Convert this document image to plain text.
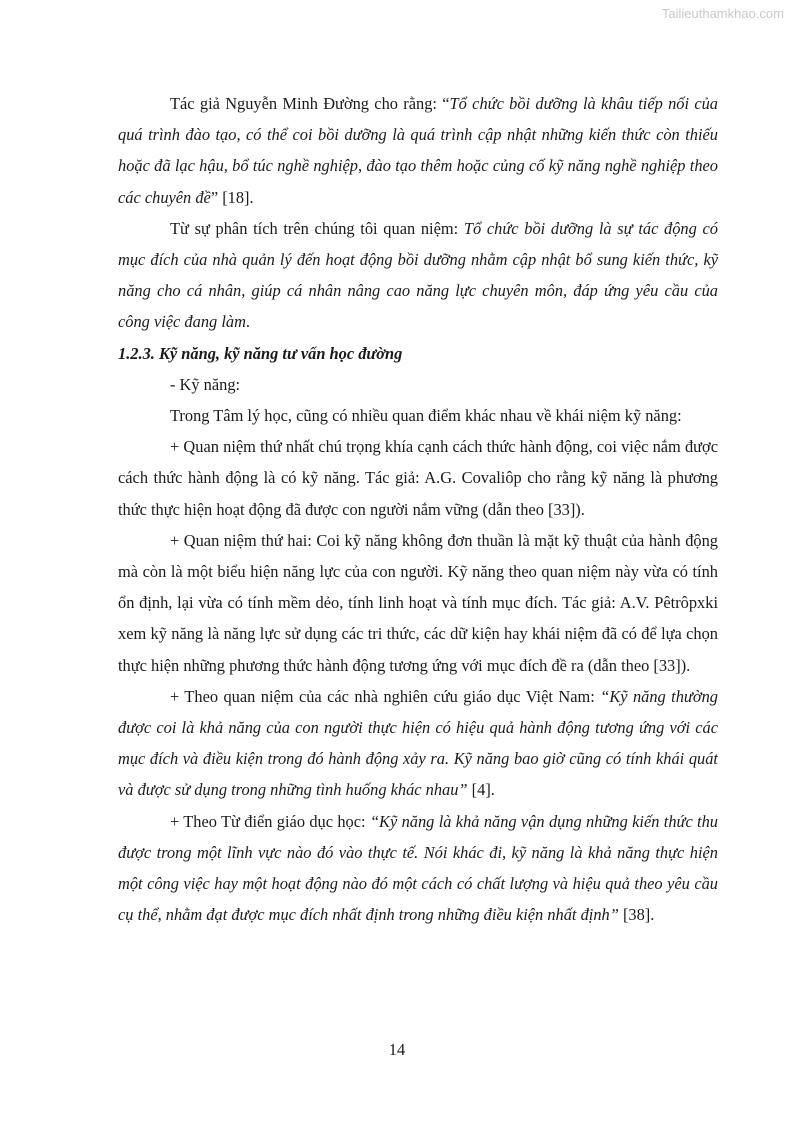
Tailieuthamkhao.com

Tác giả Nguyễn Minh Đường cho rằng: “Tổ chức bồi dưỡng là khâu tiếp nối của quá trình đào tạo, có thể coi bồi dưỡng là quá trình cập nhật những kiến thức còn thiếu hoặc đã lạc hậu, bổ túc nghề nghiệp, đào tạo thêm hoặc củng cố kỹ năng nghề nghiệp theo các chuyên đề” [18].

Từ sự phân tích trên chúng tôi quan niệm: Tổ chức bồi dưỡng là sự tác động có mục đích của nhà quản lý đến hoạt động bồi dưỡng nhằm cập nhật bổ sung kiến thức, kỹ năng cho cá nhân, giúp cá nhân nâng cao năng lực chuyên môn, đáp ứng yêu cầu của công việc đang làm.

1.2.3. Kỹ năng, kỹ năng tư vấn học đường

- Kỹ năng:

Trong Tâm lý học, cũng có nhiều quan điểm khác nhau về khái niệm kỹ năng:

+ Quan niệm thứ nhất chú trọng khía cạnh cách thức hành động, coi việc nắm được cách thức hành động là có kỹ năng. Tác giả: A.G. Covaliôp cho rằng kỹ năng là phương thức thực hiện hoạt động đã được con người nắm vững (dẫn theo [33]).

+ Quan niệm thứ hai: Coi kỹ năng không đơn thuần là mặt kỹ thuật của hành động mà còn là một biểu hiện năng lực của con người. Kỹ năng theo quan niệm này vừa có tính ổn định, lại vừa có tính mềm dẻo, tính linh hoạt và tính mục đích. Tác giả: A.V. Pêtrôpxki xem kỹ năng là năng lực sử dụng các tri thức, các dữ kiện hay khái niệm đã có để lựa chọn thực hiện những phương thức hành động tương ứng với mục đích đề ra (dẫn theo [33]).

+ Theo quan niệm của các nhà nghiên cứu giáo dục Việt Nam: “Kỹ năng thường được coi là khả năng của con người thực hiện có hiệu quả hành động tương ứng với các mục đích và điều kiện trong đó hành động xảy ra. Kỹ năng bao giờ cũng có tính khái quát và được sử dụng trong những tình huống khác nhau” [4].

+ Theo Từ điển giáo dục học: “Kỹ năng là khả năng vận dụng những kiến thức thu được trong một lĩnh vực nào đó vào thực tế. Nói khác đi, kỹ năng là khả năng thực hiện một công việc hay một hoạt động nào đó một cách có chất lượng và hiệu quả theo yêu cầu cụ thể, nhằm đạt được mục đích nhất định trong những điều kiện nhất định” [38].

14
